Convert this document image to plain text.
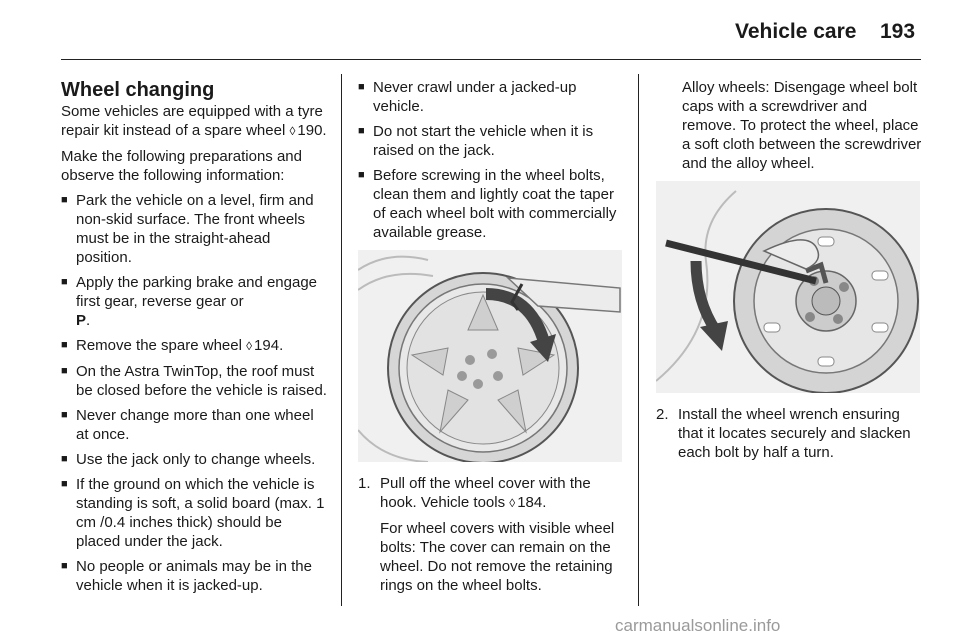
Vehicle care 193
Wheel changing

Some vehicles are equipped with a tyre repair kit instead of a spare wheel ◊ 190.

Make the following preparations and observe the following information:

■ Park the vehicle on a level, firm and non-skid surface. The front wheels must be in the straight-ahead position.
■ Apply the parking brake and engage first gear, reverse gear or
P.
■ Remove the spare wheel ◊ 194.
■ On the Astra TwinTop, the roof must be closed before the vehicle is raised.
■ Never change more than one wheel at once.
■ Use the jack only to change wheels.
■ If the ground on which the vehicle is standing is soft, a solid board (max. 1 cm /0.4 inches thick) should be placed under the jack.
■ No people or animals may be in the vehicle when it is jacked-up.
■ Never crawl under a jacked-up vehicle.
■ Do not start the vehicle when it is raised on the jack.
■ Before screwing in the wheel bolts, clean them and lightly coat the taper of each wheel bolt with commercially available grease.
1. Pull off the wheel cover with the hook. Vehicle tools ◊ 184.

For wheel covers with visible wheel bolts: The cover can remain on the wheel. Do not remove the retaining rings on the wheel bolts.

Alloy wheels: Disengage wheel bolt caps with a screwdriver and remove. To protect the wheel, place a soft cloth between the screwdriver and the alloy wheel.

2. Install the wheel wrench ensuring that it locates securely and slacken each bolt by half a turn.

carmanualsonline.info
